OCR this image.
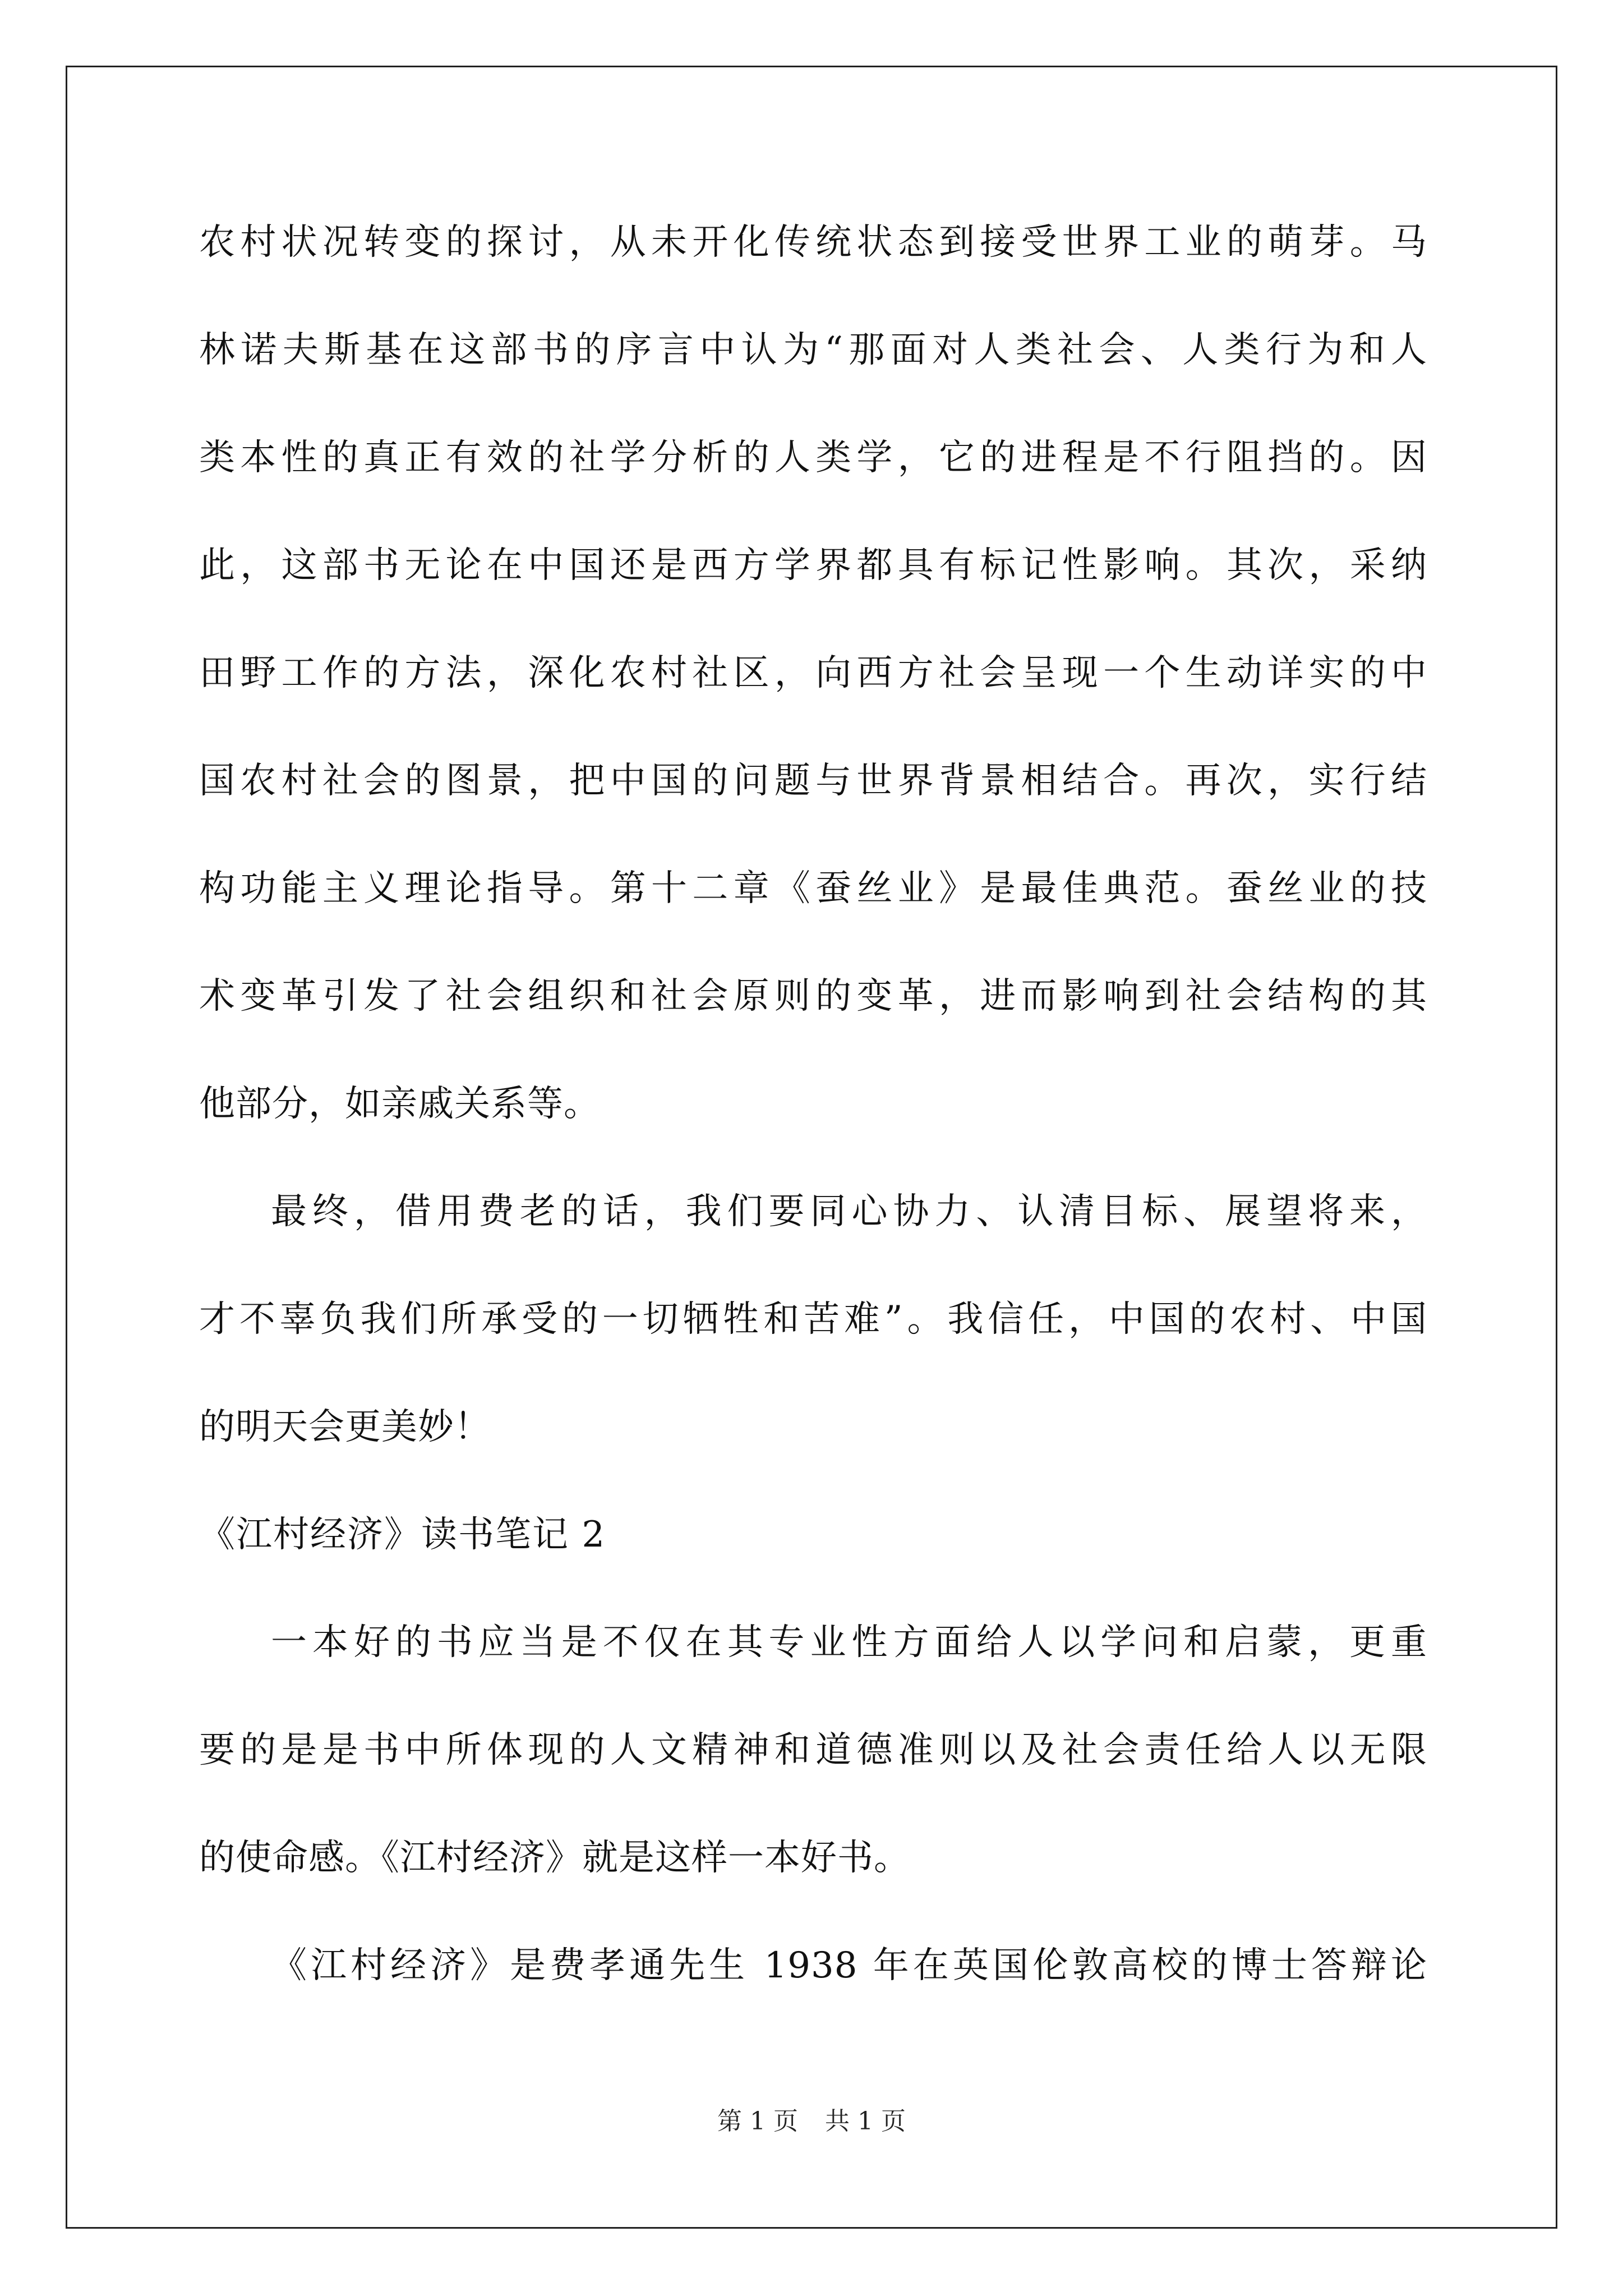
农村状况转变的探讨，从未开化传统状态到接受世界工业的萌芽。马
林诺夫斯基在这部书的序言中认为“那面对人类社会、人类行为和人
类本性的真正有效的社学分析的人类学，它的进程是不行阻挡的。因
此，这部书无论在中国还是西方学界都具有标记性影响。其次，采纳
田野工作的方法，深化农村社区，向西方社会呈现一个生动详实的中
国农村社会的图景，把中国的问题与世界背景相结合。再次，实行结
构功能主义理论指导。第十二章《蚕丝业》是最佳典范。蚕丝业的技
术变革引发了社会组织和社会原则的变革，进而影响到社会结构的其
他部分，如亲戚关系等。
最终，借用费老的话，我们要同心协力、认清目标、展望将来，
才不辜负我们所承受的一切牺牲和苦难”。我信任，中国的农村、中国
的明天会更美妙！
《江村经济》读书笔记 2
一本好的书应当是不仅在其专业性方面给人以学问和启蒙，更重
要的是是书中所体现的人文精神和道德准则以及社会责任给人以无限
的使命感。《江村经济》就是这样一本好书。
《江村经济》是费孝通先生 1938 年在英国伦敦高校的博士答辩论
第 1 页 共 1 页
